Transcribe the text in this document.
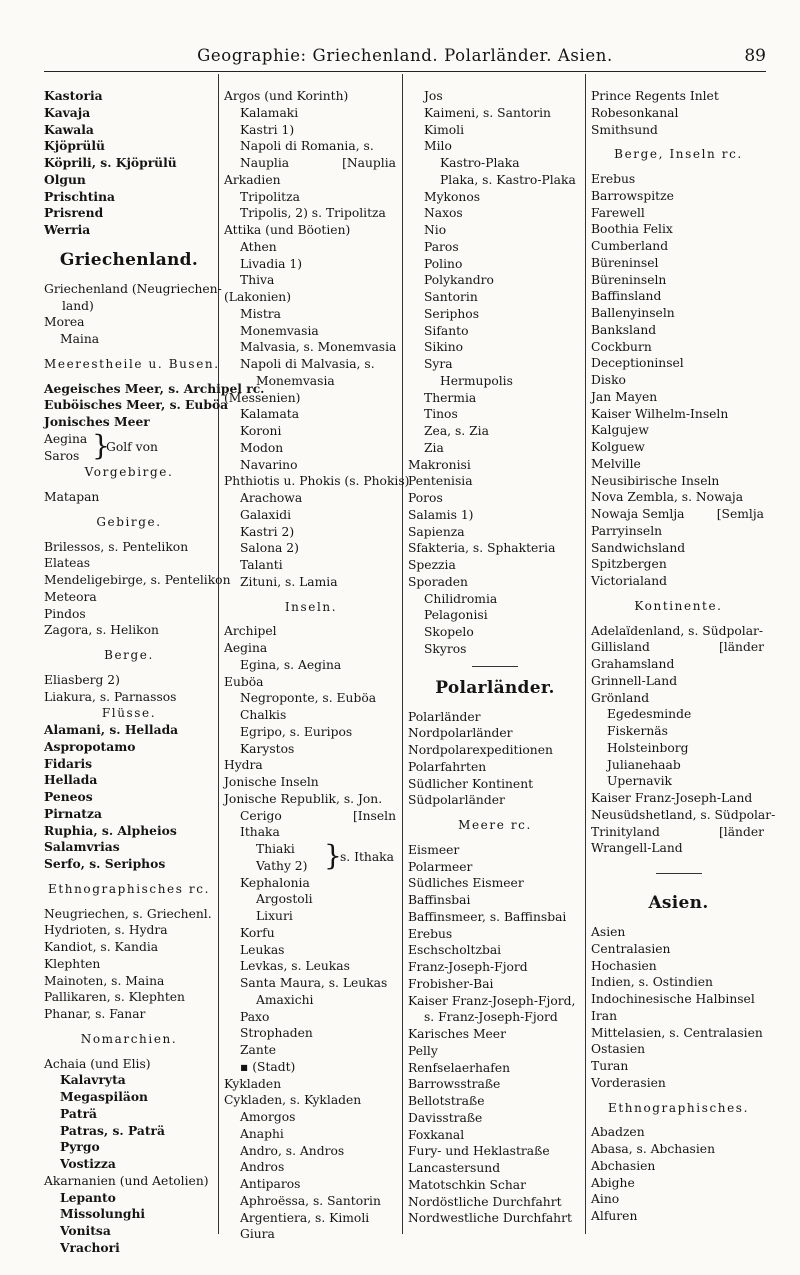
Geographie: Griechenland. Polarländer. Asien.	89
Kastoria
Kavaja
Kawala
Kjöprülü
Köprili, s. Kjöprülü
Olgun
Prischtina
Prisrend
Werria
Griechenland.
Griechenland (Neugriechen-
land)
Morea
Maina
Meerestheile u. Busen.
Aegeisches Meer, s. Archipel rc.
Euböisches Meer, s. Euböa
Jonisches Meer
Aegina }
Golf von
Saros
Vorgebirge.
Matapan
Gebirge.
Brilessos, s. Pentelikon
Elateas
Mendeligebirge, s. Pentelikon
Meteora
Pindos
Zagora, s. Helikon
Berge.
Eliasberg 2)
Liakura, s. Parnassos
Flüsse.
Alamani, s. Hellada
Aspropotamo
Fidaris
Hellada
Peneos
Pirnatza
Ruphia, s. Alpheios
Salamvrias
Serfo, s. Seriphos
Ethnographisches rc.
Neugriechen, s. Griechenl.
Hydrioten, s. Hydra
Kandiot, s. Kandia
Klephten
Mainoten, s. Maina
Pallikaren, s. Klephten
Phanar, s. Fanar
Nomarchien.
Achaia (und Elis)
Kalavryta
Megaspiläon
Paträ
Patras, s. Paträ
Pyrgo
Vostizza
Akarnanien (und Aetolien)
Lepanto
Missolunghi
Vonitsa
Vrachori
Argos (und Korinth)
Kalamaki
Kastri 1)
Napoli di Romania, s.
Nauplia	[Nauplia
Arkadien
Tripolitza
Tripolis, 2) s. Tripolitza
Attika (und Böotien)
Athen
Livadia 1)
Thiva
(Lakonien)
Mistra
Monemvasia
Malvasia, s. Monemvasia
Napoli di Malvasia, s.
Monemvasia
(Messenien)
Kalamata
Koroni
Modon
Navarino
Phthiotis u. Phokis (s. Phokis)
Arachowa
Galaxidi
Kastri 2)
Salona 2)
Talanti
Zituni, s. Lamia
Inseln.
Archipel
Aegina
Egina, s. Aegina
Euböa
Negroponte, s. Euböa
Chalkis
Egripo, s. Euripos
Karystos
Hydra
Jonische Inseln
Jonische Republik, s. Jon.
Cerigo	[Inseln
Ithaka
Thiaki }
s. Ithaka
Vathy 2)
Kephalonia
Argostoli
Lixuri
Korfu
Leukas
Levkas, s. Leukas
Santa Maura, s. Leukas
Amaxichi
Paxo
Strophaden
Zante
▪ (Stadt)
Kykladen
Cykladen, s. Kykladen
Amorgos
Anaphi
Andro, s. Andros
Andros
Antiparos
Aphroëssa, s. Santorin
Argentiera, s. Kimoli
Giura
Jos
Kaimeni, s. Santorin
Kimoli
Milo
Kastro-Plaka
Plaka, s. Kastro-Plaka
Mykonos
Naxos
Nio
Paros
Polino
Polykandro
Santorin
Seriphos
Sifanto
Sikino
Syra
Hermupolis
Thermia
Tinos
Zea, s. Zia
Zia
Makronisi
Pentenisia
Poros
Salamis 1)
Sapienza
Sfakteria, s. Sphakteria
Spezzia
Sporaden
Chilidromia
Pelagonisi
Skopelo
Skyros
Polarländer.
Polarländer
Nordpolarländer
Nordpolarexpeditionen
Polarfahrten
Südlicher Kontinent
Südpolarländer
Meere rc.
Eismeer
Polarmeer
Südliches Eismeer
Baffinsbai
Baffinsmeer, s. Baffinsbai
Erebus
Eschscholtzbai
Franz-Joseph-Fjord
Frobisher-Bai
Kaiser Franz-Joseph-Fjord,
s. Franz-Joseph-Fjord
Karisches Meer
Pelly
Renfselaerhafen
Barrowsstraße
Bellotstraße
Davisstraße
Foxkanal
Fury- und Heklastraße
Lancastersund
Matotschkin Schar
Nordöstliche Durchfahrt
Nordwestliche Durchfahrt
Prince Regents Inlet
Robesonkanal
Smithsund
Berge, Inseln rc.
Erebus
Barrowspitze
Farewell
Boothia Felix
Cumberland
Büreninsel
Büreninseln
Baffinsland
Ballenyinseln
Banksland
Cockburn
Deceptioninsel
Disko
Jan Mayen
Kaiser Wilhelm-Inseln
Kalgujew
Kolguew
Melville
Neusibirische Inseln
Nova Zembla, s. Nowaja
Nowaja Semlja	[Semlja
Parryinseln
Sandwichsland
Spitzbergen
Victorialand
Kontinente.
Adelaïdenland, s. Südpolar-
Gillisland	[länder
Grahamsland
Grinnell-Land
Grönland
Egedesminde
Fiskernäs
Holsteinborg
Julianehaab
Upernavik
Kaiser Franz-Joseph-Land
Neusüdshetland, s. Südpolar-
Trinityland	[länder
Wrangell-Land
Asien.
Asien
Centralasien
Hochasien
Indien, s. Ostindien
Indochinesische Halbinsel
Iran
Mittelasien, s. Centralasien
Ostasien
Turan
Vorderasien
Ethnographisches.
Abadzen
Abasa, s. Abchasien
Abchasien
Abighe
Aino
Alfuren
